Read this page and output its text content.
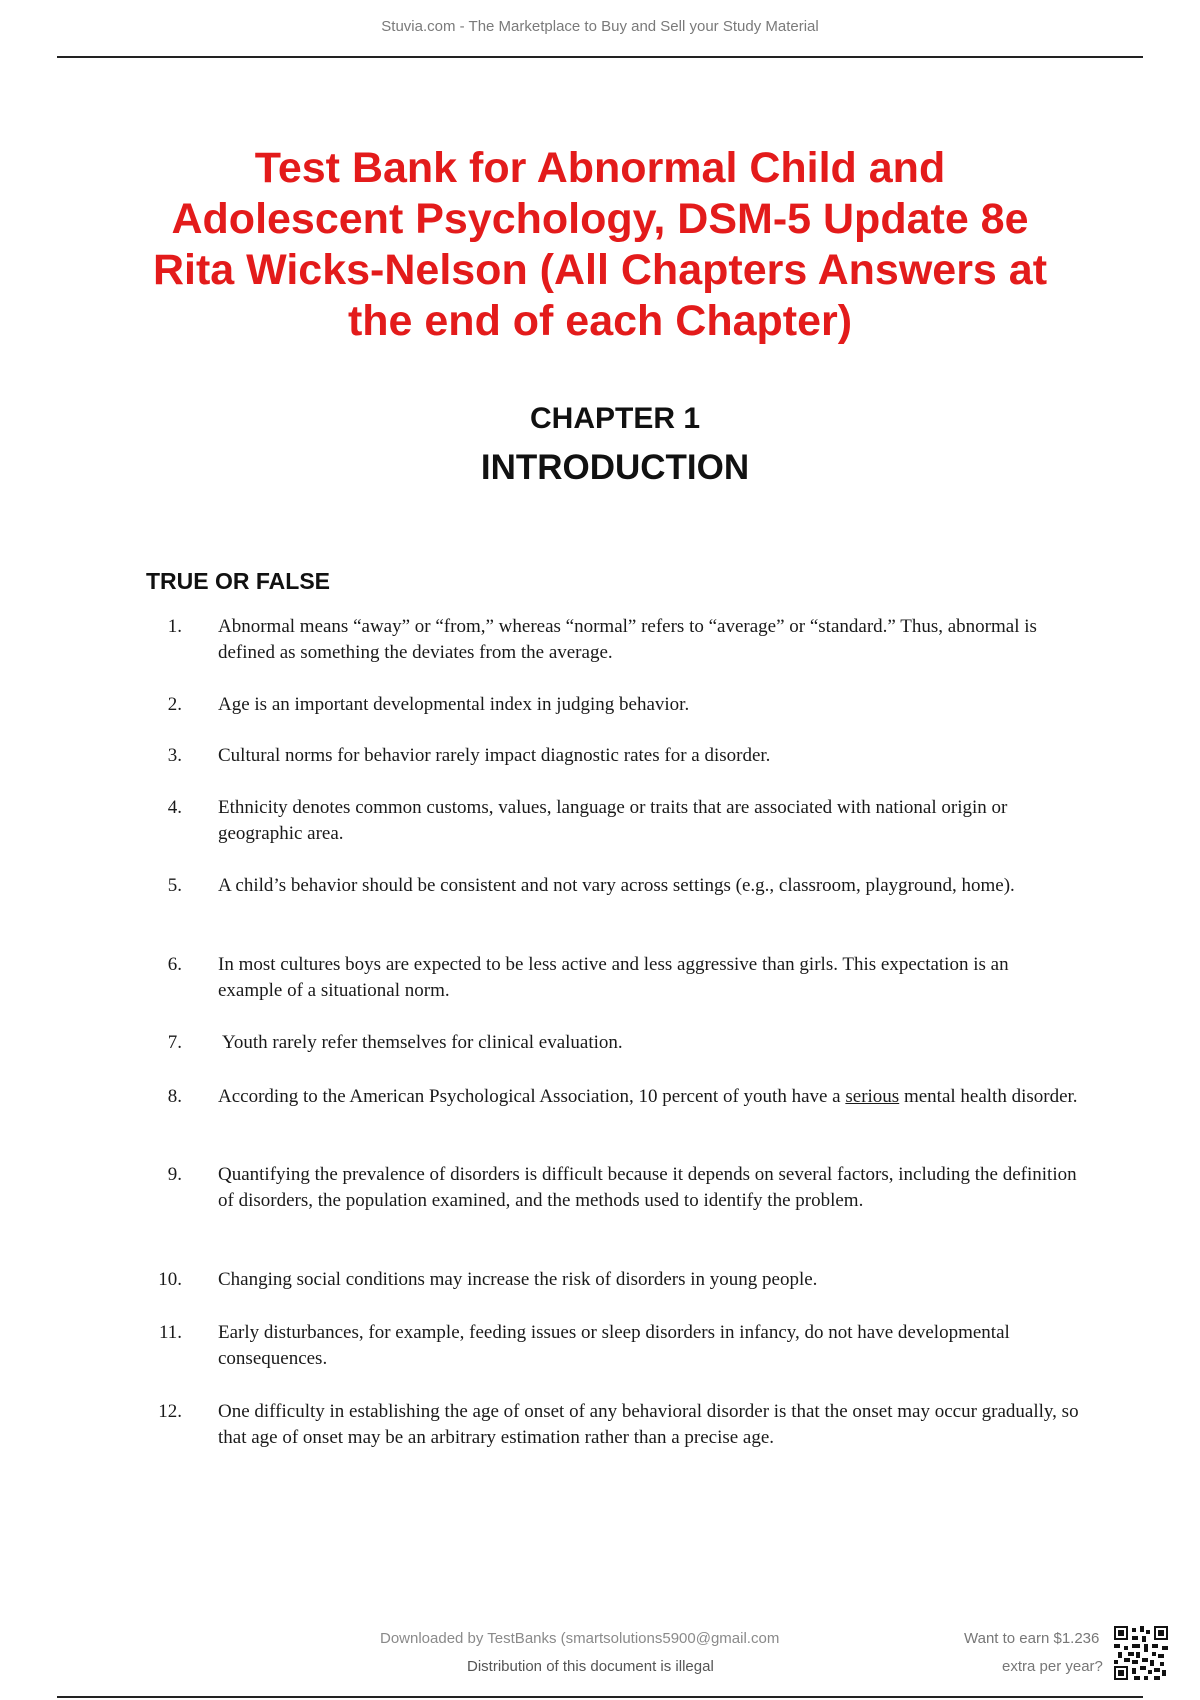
Stuvia.com - The Marketplace to Buy and Sell your Study Material
Test Bank for Abnormal Child and
Adolescent Psychology, DSM-5 Update 8e
Rita Wicks-Nelson (All Chapters Answers at
the end of each Chapter)
CHAPTER 1
INTRODUCTION
TRUE OR FALSE
1. Abnormal means “away” or “from,” whereas “normal” refers to “average” or “standard.” Thus, abnormal is defined as something the deviates from the average.
2. Age is an important developmental index in judging behavior.
3. Cultural norms for behavior rarely impact diagnostic rates for a disorder.
4. Ethnicity denotes common customs, values, language or traits that are associated with national origin or geographic area.
5. A child’s behavior should be consistent and not vary across settings (e.g., classroom, playground, home).
6. In most cultures boys are expected to be less active and less aggressive than girls. This expectation is an example of a situational norm.
7. Youth rarely refer themselves for clinical evaluation.
8. According to the American Psychological Association, 10 percent of youth have a serious mental health disorder.
9. Quantifying the prevalence of disorders is difficult because it depends on several factors, including the definition of disorders, the population examined, and the methods used to identify the problem.
10. Changing social conditions may increase the risk of disorders in young people.
11. Early disturbances, for example, feeding issues or sleep disorders in infancy, do not have developmental consequences.
12. One difficulty in establishing the age of onset of any behavioral disorder is that the onset may occur gradually, so that age of onset may be an arbitrary estimation rather than a precise age.
Downloaded by TestBanks (smartsolutions5900@gmail.com
Distribution of this document is illegal
Want to earn $1.236
extra per year?
